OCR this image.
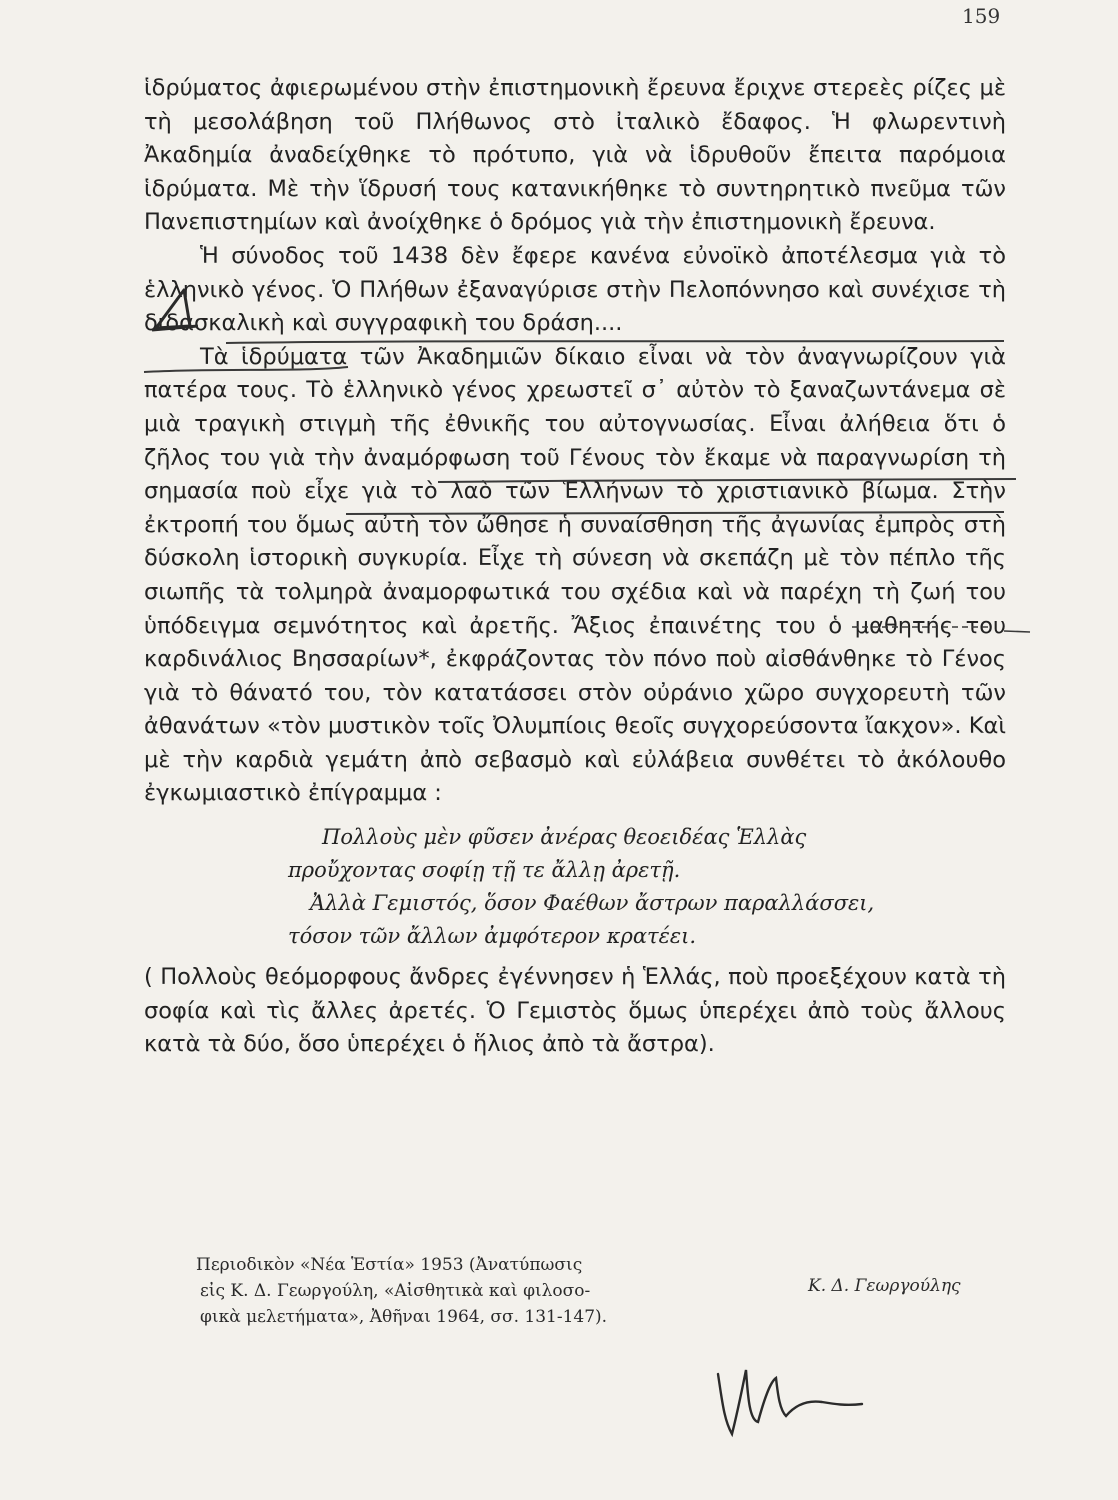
159

ἱδρύματος ἀφιερωμένου στὴν ἐπιστημονικὴ ἔρευνα ἔριχνε στερεὲς ρίζες μὲ τὴ μεσολάβηση τοῦ Πλήθωνος στὸ ἰταλικὸ ἔδαφος. Ἡ φλωρεντινὴ Ἀκαδημία ἀναδείχθηκε τὸ πρότυπο, γιὰ νὰ ἱδρυθοῦν ἔπειτα παρόμοια ἱδρύματα. Μὲ τὴν ἵδρυσή τους κατανικήθηκε τὸ συντηρητικὸ πνεῦμα τῶν Πανεπιστημίων καὶ ἀνοίχθηκε ὁ δρόμος γιὰ τὴν ἐπιστημονικὴ ἔρευνα.

Ἡ σύνοδος τοῦ 1438 δὲν ἔφερε κανένα εὐνοϊκὸ ἀποτέλεσμα γιὰ τὸ ἑλληνικὸ γένος. Ὁ Πλήθων ἐξαναγύρισε στὴν Πελοπόννησο καὶ συνέχισε τὴ διδασκαλικὴ καὶ συγγραφικὴ του δράση....

Τὰ ἱδρύματα τῶν Ἀκαδημιῶν δίκαιο εἶναι νὰ τὸν ἀναγνωρίζουν γιὰ πατέρα τους. Τὸ ἑλληνικὸ γένος χρεωστεῖ σ᾽ αὐτὸν τὸ ξαναζωντάνεμα σὲ μιὰ τραγικὴ στιγμὴ τῆς ἐθνικῆς του αὐτογνωσίας. Εἶναι ἀλήθεια ὅτι ὁ ζῆλος του γιὰ τὴν ἀναμόρφωση τοῦ Γένους τὸν ἔκαμε νὰ παραγνωρίση τὴ σημασία ποὺ εἶχε γιὰ τὸ λαὸ τῶν Ἑλλήνων τὸ χριστιανικὸ βίωμα. Στὴν ἐκτροπή του ὅμως αὐτὴ τὸν ὤθησε ἡ συναίσθηση τῆς ἀγωνίας ἐμπρὸς στὴ δύσκολη ἱστορικὴ συγκυρία. Εἶχε τὴ σύνεση νὰ σκεπάζη μὲ τὸν πέπλο τῆς σιωπῆς τὰ τολμηρὰ ἀναμορφωτικά του σχέδια καὶ νὰ παρέχη τὴ ζωή του ὑπόδειγμα σεμνότητος καὶ ἀρετῆς. Ἄξιος ἐπαινέτης του ὁ μαθητής του καρδινάλιος Βησσαρίων*, ἐκφράζοντας τὸν πόνο ποὺ αἰσθάνθηκε τὸ Γένος γιὰ τὸ θάνατό του, τὸν κατατάσσει στὸν οὐράνιο χῶρο συγχορευτὴ τῶν ἀθανάτων «τὸν μυστικὸν τοῖς Ὀλυμπίοις θεοῖς συγχορεύσοντα ἴακχον». Καὶ μὲ τὴν καρδιὰ γεμάτη ἀπὸ σεβασμὸ καὶ εὐλάβεια συνθέτει τὸ ἀκόλουθο ἐγκωμιαστικὸ ἐπίγραμμα :

Πολλοὺς μὲν φῦσεν ἀνέρας θεοειδέας Ἑλλὰς
προὔχοντας σοφίῃ τῇ τε ἄλλῃ ἀρετῇ.
Ἀλλὰ Γεμιστός, ὅσον Φαέθων ἄστρων παραλλάσσει,
τόσον τῶν ἄλλων ἀμφότερον κρατέει.

( Πολλοὺς θεόμορφους ἄνδρες ἐγέννησεν ἡ Ἑλλάς, ποὺ προεξέχουν κατὰ τὴ σοφία καὶ τὶς ἄλλες ἀρετές. Ὁ Γεμιστὸς ὅμως ὑπερέχει ἀπὸ τοὺς ἄλλους κατὰ τὰ δύο, ὅσο ὑπερέχει ὁ ἥλιος ἀπὸ τὰ ἄστρα).

Περιοδικὸν «Νέα Ἑστία» 1953 (Ἀνατύπωσις
εἰς Κ. Δ. Γεωργούλη, «Αἰσθητικὰ καὶ φιλοσο-
φικὰ μελετήματα», Ἀθῆναι 1964, σσ. 131-147).
Κ. Δ. Γεωργούλης
